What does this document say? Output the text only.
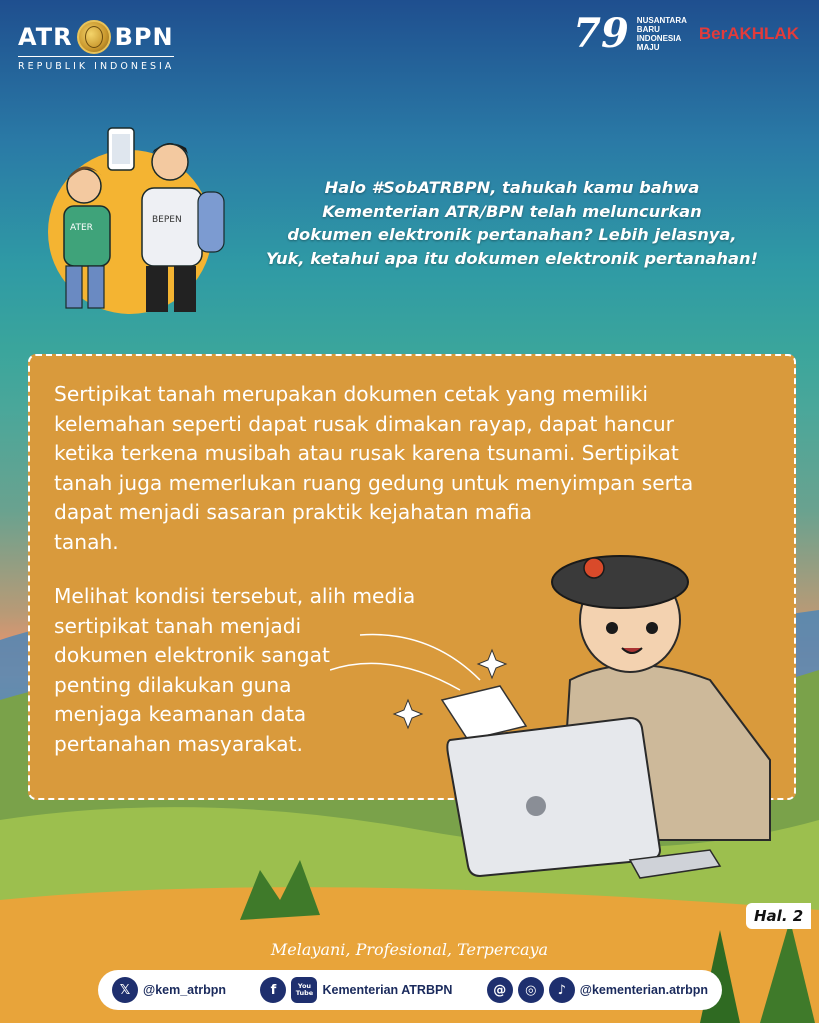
ATR BPN
REPUBLIK INDONESIA
79 NUSANTARA
BARU
INDONESIA
MAJU
BerAKHLAK
ATER
BEPEN
Halo #SobATRBPN, tahukah kamu bahwa
Kementerian ATR/BPN telah meluncurkan
dokumen elektronik pertanahan? Lebih jelasnya,
Yuk, ketahui apa itu dokumen elektronik pertanahan!
Sertipikat tanah merupakan dokumen cetak yang memiliki
kelemahan seperti dapat rusak dimakan rayap, dapat hancur
ketika terkena musibah atau rusak karena tsunami. Sertipikat
tanah juga memerlukan ruang gedung untuk menyimpan serta
dapat menjadi sasaran praktik kejahatan mafia
tanah.
Melihat kondisi tersebut, alih media
sertipikat tanah menjadi
dokumen elektronik sangat
penting dilakukan guna
menjaga keamanan data
pertanahan masyarakat.
Hal. 2
Melayani, Profesional, Terpercaya
𝕏	@kem_atrbpn	f	You Tube Kementerian ATRBPN	@	◎	♪	@kementerian.atrbpn
